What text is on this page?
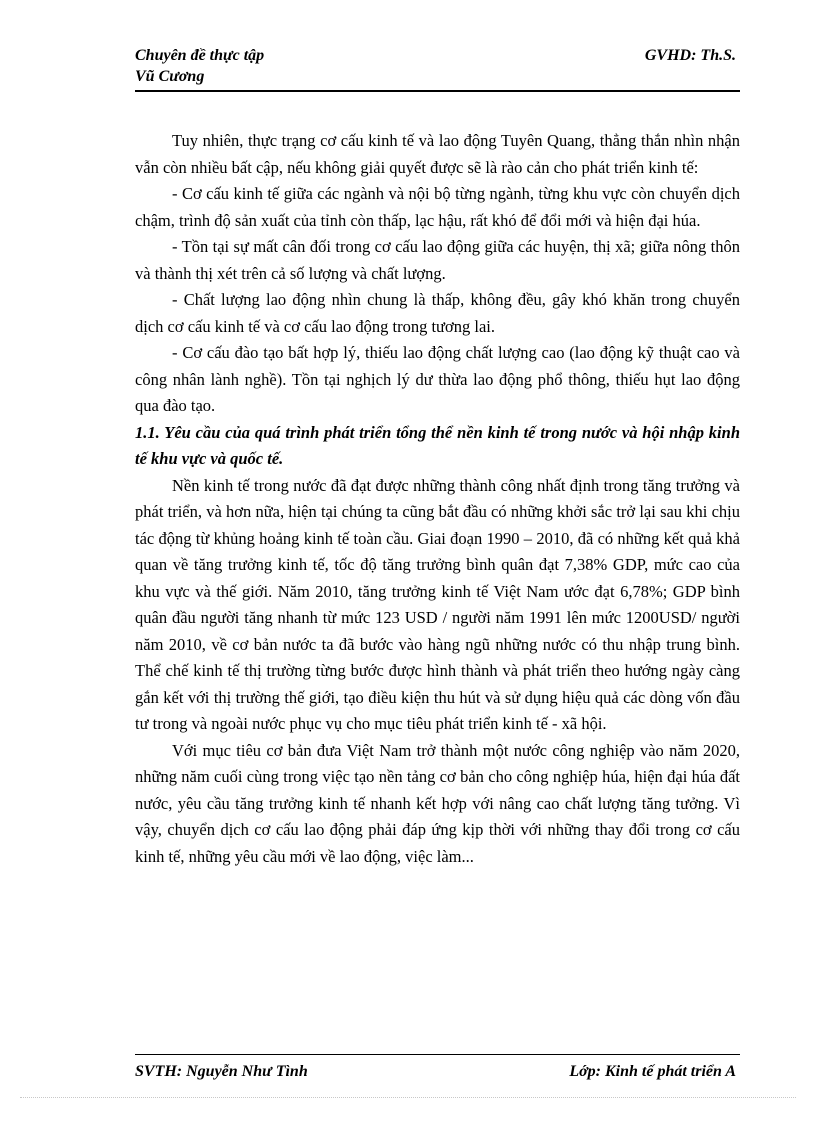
Chuyên đề thực tập
Vũ Cương
GVHD: Th.S.

Tuy nhiên, thực trạng cơ cấu kinh tế và lao động Tuyên Quang, thẳng thắn nhìn nhận vẫn còn nhiều bất cập, nếu không giải quyết được sẽ là rào cản cho phát triển kinh tế:

- Cơ cấu kinh tế giữa các ngành và nội bộ từng ngành, từng khu vực còn chuyển dịch chậm, trình độ sản xuất của tỉnh còn thấp, lạc hậu, rất khó để đổi mới và hiện đại húa.

- Tồn tại sự mất cân đối trong cơ cấu lao động giữa các huyện, thị xã; giữa nông thôn và thành thị xét trên cả số lượng và chất lượng.

- Chất lượng lao động nhìn chung là thấp, không đều, gây khó khăn trong chuyển dịch cơ cấu kinh tế và cơ cấu lao động trong tương lai.

- Cơ cấu đào tạo bất hợp lý, thiếu lao động chất lượng cao (lao động kỹ thuật cao và công nhân lành nghề). Tồn tại nghịch lý dư thừa lao động phổ thông, thiếu hụt lao động qua đào tạo.

1.1. Yêu cầu của quá trình phát triển tổng thể nền kinh tế trong nước và hội nhập kinh tế khu vực và quốc tế.

Nền kinh tế trong nước đã đạt được những thành công nhất định trong tăng trưởng và phát triển, và hơn nữa, hiện tại chúng ta cũng bắt đầu có những khởi sắc trở lại sau khi chịu tác động từ khủng hoảng kinh tế toàn cầu. Giai đoạn 1990 – 2010, đã có những kết quả khả quan về tăng trưởng kinh tế, tốc độ tăng trưởng bình quân đạt 7,38% GDP, mức cao của khu vực và thế giới. Năm 2010, tăng trưởng kinh tế Việt Nam ước đạt 6,78%; GDP bình quân đầu người tăng nhanh từ mức 123 USD / người năm 1991 lên mức 1200USD/ người năm 2010, về cơ bản nước ta đã bước vào hàng ngũ những nước có thu nhập trung bình. Thể chế kinh tế thị trường từng bước được hình thành và phát triển theo hướng ngày càng gắn kết với thị trường thế giới, tạo điều kiện thu hút và sử dụng hiệu quả các dòng vốn đầu tư trong và ngoài nước phục vụ cho mục tiêu phát triển kinh tế - xã hội.

Với mục tiêu cơ bản đưa Việt Nam trở thành một nước công nghiệp vào năm 2020, những năm cuối cùng trong việc tạo nền tảng cơ bản cho công nghiệp húa, hiện đại húa đất nước, yêu cầu tăng trưởng kinh tế nhanh kết hợp với nâng cao chất lượng tăng tưởng. Vì vậy, chuyển dịch cơ cấu lao động phải đáp ứng kịp thời với những thay đổi trong cơ cấu kinh tế, những yêu cầu mới về lao động, việc làm...

SVTH: Nguyễn Như Tình	Lớp: Kinh tế phát triển A
